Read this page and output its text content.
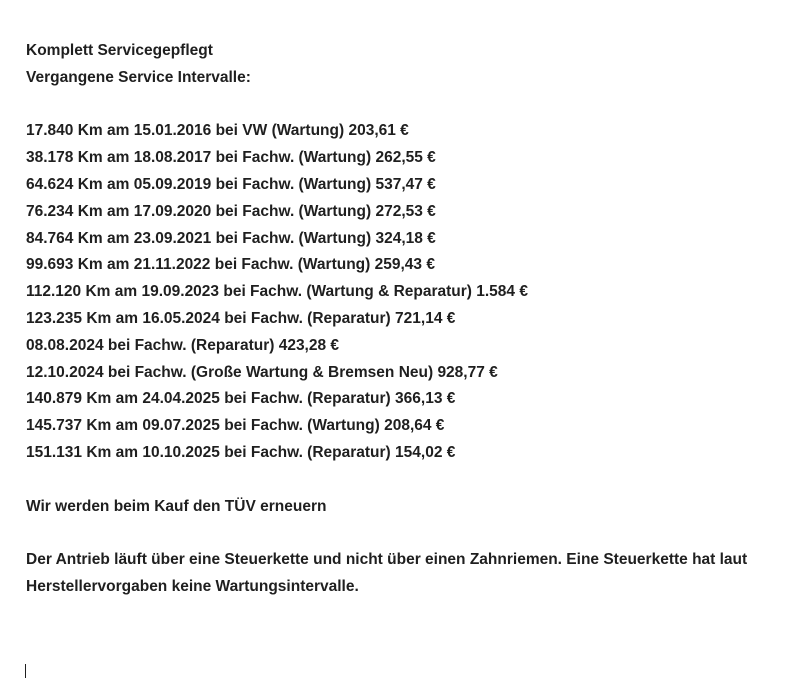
Komplett Servicegepflegt
Vergangene Service Intervalle:
17.840 Km am 15.01.2016 bei VW (Wartung) 203,61 €
38.178 Km am 18.08.2017 bei Fachw. (Wartung) 262,55 €
64.624 Km am 05.09.2019 bei Fachw. (Wartung) 537,47 €
76.234 Km am 17.09.2020 bei Fachw. (Wartung) 272,53 €
84.764 Km am 23.09.2021 bei Fachw. (Wartung) 324,18 €
99.693 Km am 21.11.2022 bei Fachw. (Wartung) 259,43 €
112.120 Km am 19.09.2023 bei Fachw. (Wartung & Reparatur) 1.584 €
123.235 Km am 16.05.2024 bei Fachw. (Reparatur) 721,14 €
08.08.2024 bei Fachw. (Reparatur) 423,28 €
12.10.2024 bei Fachw. (Große Wartung & Bremsen Neu) 928,77 €
140.879 Km am 24.04.2025 bei Fachw. (Reparatur) 366,13 €
145.737 Km am 09.07.2025 bei Fachw. (Wartung) 208,64 €
151.131 Km am 10.10.2025 bei Fachw. (Reparatur) 154,02 €
Wir werden beim Kauf den TÜV erneuern
Der Antrieb läuft über eine Steuerkette und nicht über einen Zahnriemen. Eine Steuerkette hat laut Herstellervorgaben keine Wartungsintervalle.
